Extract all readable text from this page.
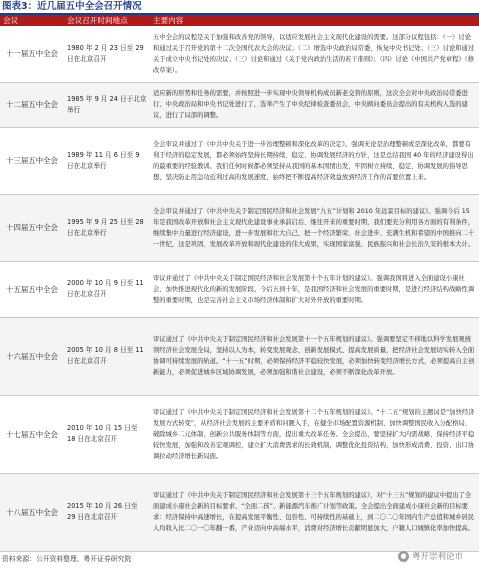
图表3：近几届五中全会召开情况
会议	会议召开时间地点	主要内容
十一届五中全会	1980 年 2 月 23 日至 29 日在北京召开	五中全会的议程是关于加强和改善党的领导，以适应发展社会主义现代化建设的需要。这部分议程包括：（一）讨论和通过关于召开党的第十二次全国代表大会的决议；（二）增选中央政治局常委，恢复中央书记处；（三）讨论和通过关于成立中央书记处的决议；（三）讨论和通过《关于党内政治生活的若干准则》；（四）讨论《中国共产党章程》（修改草案）。
十二届五中全会	1985 年 9 月 24 日于北京举行	适应新的形势和任务的需要，并按照进一步实现中央领导机构成员新老交替的原则，这次全会对中央政治局常委进行、中央政治局和中央书记处进行了，选举产生了中央纪律检查委员会，中央顾问委员会提出的有关机构人选的建议，进行了局部的调整。
十三届五中全会	1989 年 11 月 6 日至 9 日在北京举行	全会审议并通过了《中共中央关于进一步治理整顿和深化改革的决定》。强调无论是治理整顿或是深化改革，都要有利于经济的稳定发展，都必须始终坚持长期持续、稳定、协调发展经济的方针，这是总结我国 40 年的经济建设得出的最重要的经验教训。我们任何时候都必须坚持从我国的基本国情出发，牢固树立持续、稳定、协调发展的指导思想，坚决防止用急功近利过高的发展速度，始终把不断提高经济效益放到经济工作的首要位置上来。
十四届五中全会	1995 年 9 月 25 日至 28 日在北京举行	全会审议并通过了《中共中央关于制定国民经济和社会发展“九五”计划和 2010 年远景目标的建议》。强调今后 15 年是我国改革开放和社会主义现代化建设事业承前启后、继往开来的重要时期，我们要充分利用各方面的有利条件，继续集中力量进行经济建设，进一步发展和壮大自己，把一个经济繁荣、社会进步、充满生机和希望的中国推向二十一世纪，这是巩固、发展改革开放和现代化建设的伟大成果，实现国家富强、民族振兴和社会长治久安的根本大计。
十五届五中全会	2000 年 10 月 9 日至 11 日在北京召开	审议并通过了《中共中央关于制定国民经济和社会发展第十个五年计划的建议》。强调我国将进入全面建设小康社会、加快推进现代化的新的发展阶段。今后五到十年，是我国经济和社会发展的重要时期，是进行经济结构战略性调整的重要时期，也是完善社会主义市场经济体制和扩大对外开放的重要时期。
十六届五中全会	2005 年 10 月 8 日至 11 日在北京召开	审议通过了《中共中央关于制定国民经济和社会发展第十一个五年规划的建议》。强调要坚定不移地以科学发展观统领经济社会发展全局，坚持以人为本，转变发展观念、创新发展模式、提高发展质量，把经济社会发展切实转入全面协调可持续发展的轨道。“十一五”时期，必须保持经济平稳较快发展，必须加快转变经济增长方式，必须提高自主创新能力，必须促进城乡区域协调发展，必须加强和谐社会建设，必须不断深化改革开放。
十七届五中全会	2010 年 10 月 15 日至 18 日在北京召开	审议通过了《中共中央关于制定国民经济和社会发展第十二个五年规划的建议》。“十二五”规划的主题词是“加快经济发展方式转变”，从经济社会发展的主要矛盾和问题入手，在健全市场配置资源机制、加快调整国民收入分配格局、破除城乡二元体制、创新公共服务体制等方面，提出重大改革任务。全会提出，要坚持扩大内需战略、保持经济平稳较快发展，加强和改善宏观调控，建立扩大消费需求的长效机制，调整优化投资结构，加快形成消费、投资、出口协调拉动经济增长新局面。
十八届五中全会	2015 年 10 月 26 日至 29 日在北京召开	审议通过了《中共中央关于制定国民经济和社会发展第十三个五年规划的建议》，对“十三五”规划的建议中提出了全面建成小康社会新的目标要求、“全面二孩”、新能源汽车推广计划等政策。全会提出全面建成小康社会新的目标要求：经济保持中高速增长，在提高发展平衡性、包容性、可持续性的基础上，到二〇二〇年国内生产总值和城乡居民人均收入比二〇一〇年翻一番，产业迈向中高端水平，消费对经济增长贡献明显加大，户籍人口城镇化率加快提高。
资料来源：公开资料整理、粤开证券研究院	● 粤开崇利论市
